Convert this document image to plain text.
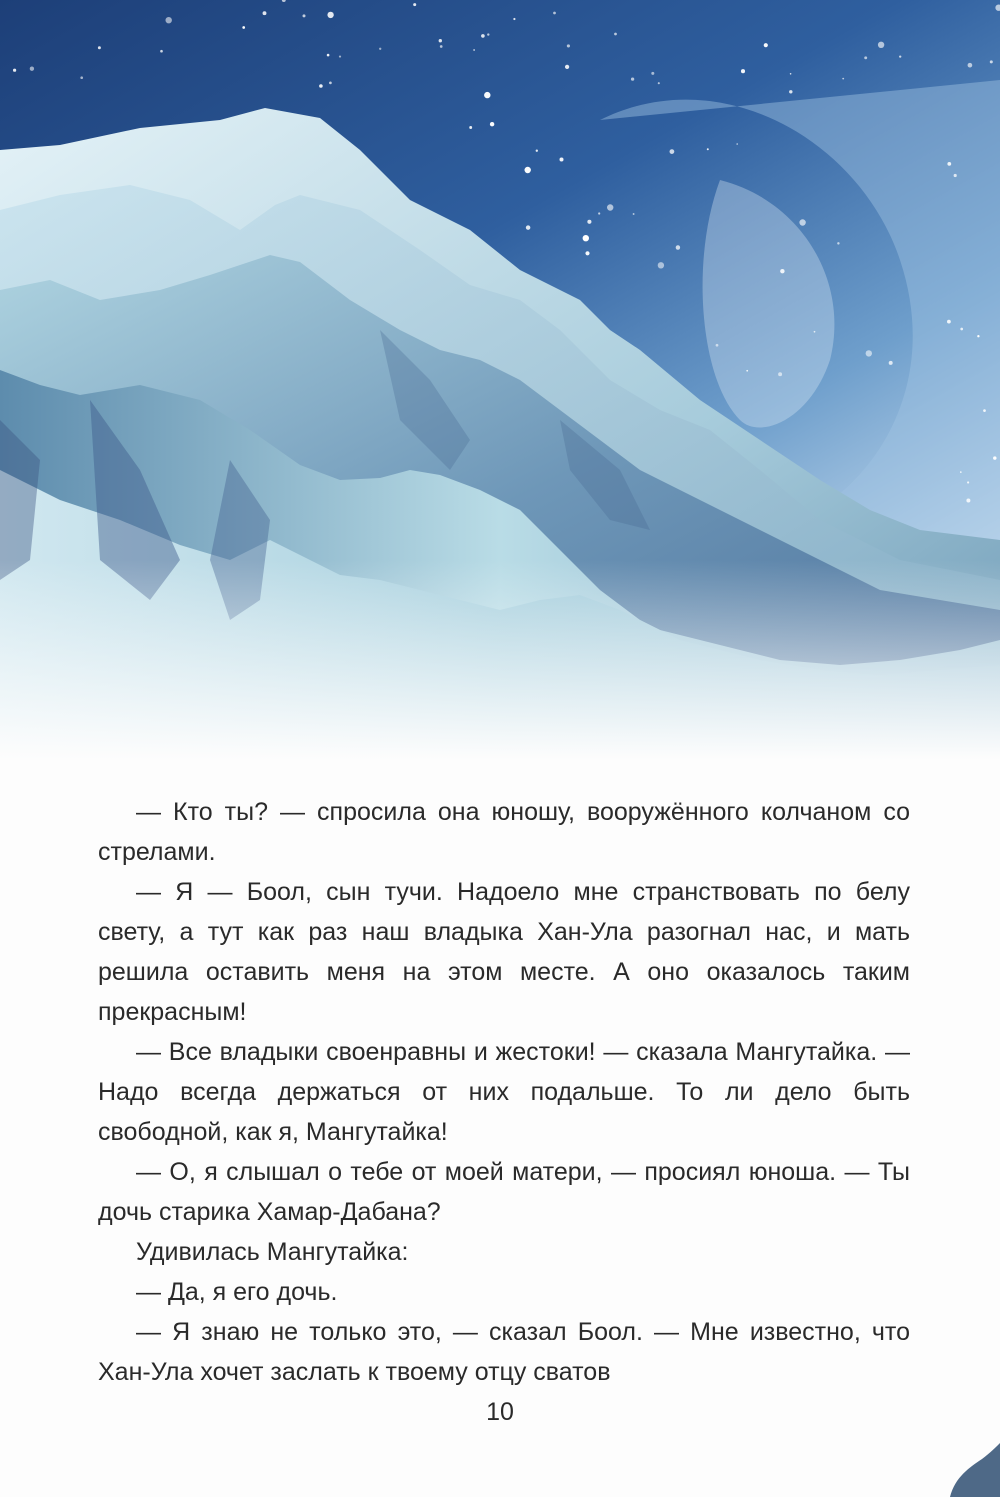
— Кто ты? — спросила она юношу, вооружённого колчаном со стрелами.

— Я — Боол, сын тучи. Надоело мне странствовать по белу свету, а тут как раз наш владыка Хан-Ула разогнал нас, и мать решила оставить меня на этом месте. А оно оказалось таким прекрасным!

— Все владыки своенравны и жестоки! — сказала Мангутайка. — Надо всегда держаться от них подальше. То ли дело быть свободной, как я, Мангутайка!

— О, я слышал о тебе от моей матери, — просиял юноша. — Ты дочь старика Хамар-Дабана?

Удивилась Мангутайка:

— Да, я его дочь.

— Я знаю не только это, — сказал Боол. — Мне известно, что Хан-Ула хочет заслать к твоему отцу сватов

10
